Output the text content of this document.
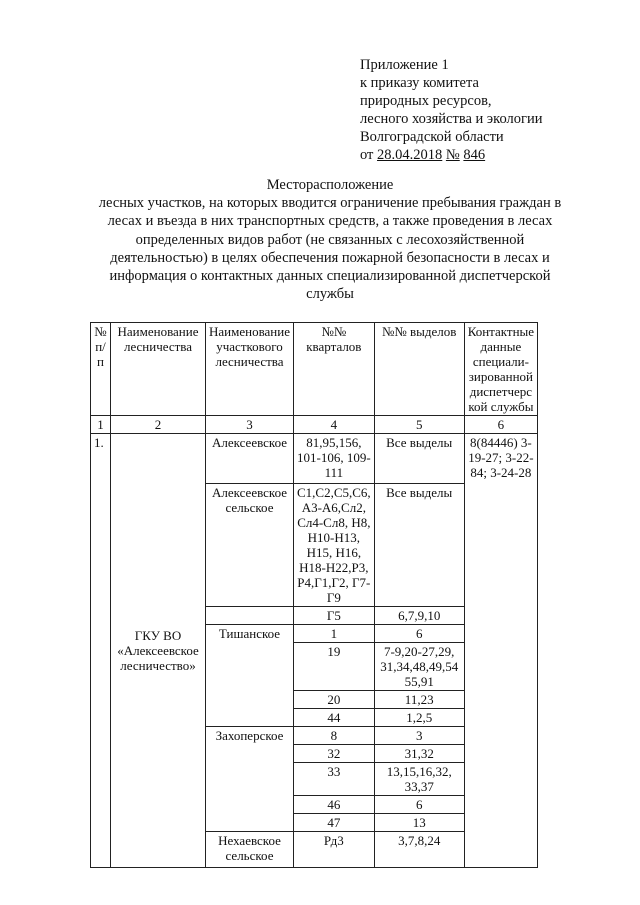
Приложение 1
к приказу комитета
природных ресурсов,
лесного хозяйства и экологии
Волгоградской области
от 28.04.2018 № 846
Месторасположение
лесных участков, на которых вводится ограничение пребывания граждан в
лесах и въезда в них транспортных средств, а также проведения в лесах
определенных видов работ (не связанных с лесохозяйственной
деятельностью) в целях обеспечения пожарной безопасности в лесах и
информация о контактных данных специализированной диспетчерской
службы
№ п/п	Наименование лесничества	Наименование участкового лесничества	№№ кварталов	№№ выделов	Контактные данные специали-зированной диспетчерс кой службы
1	2	3	4	5	6
1.	ГКУ ВО «Алексеевское лесничество»	Алексеевское	81,95,156, 101-106, 109-111	Все выделы	8(84446) 3-19-27; 3-22-84; 3-24-28
		Алексеевское сельское	С1,С2,С5,С6, А3-А6,Сл2, Сл4-Сл8, Н8, Н10-Н13, Н15, Н16, Н18-Н22,Р3, Р4,Г1,Г2, Г7-Г9	Все выделы	
			Г5	6,7,9,10	
		Тишанское	1	6	
			19	7-9,20-27,29, 31,34,48,49,54 55,91	
			20	11,23	
			44	1,2,5	
		Захоперское	8	3	
			32	31,32	
			33	13,15,16,32, 33,37	
			46	6	
			47	13	
		Нехаевское сельское	Рд3	3,7,8,24	
